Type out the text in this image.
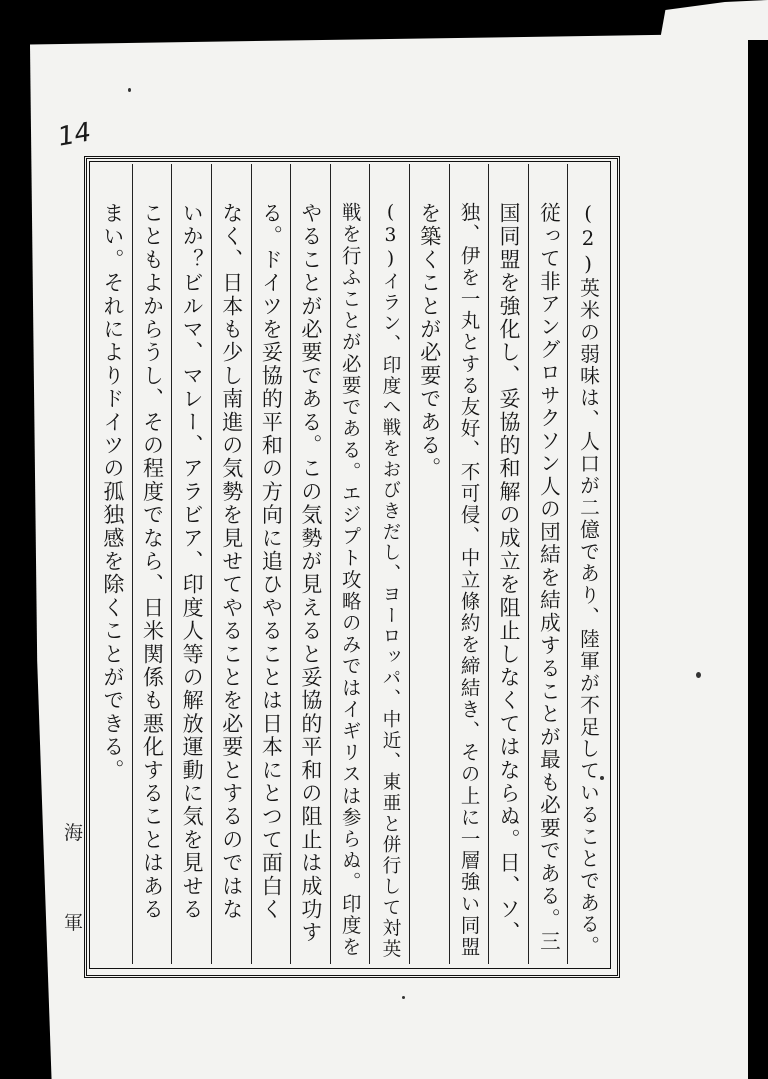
14
(2)英米の弱味は、人口が二億であり、陸軍が不足していることである。
従って非アングロサクソン人の団結を結成することが最も必要である。三
国同盟を強化し、妥協的和解の成立を阻止しなくてはならぬ。日、ソ、
独、伊を一丸とする友好、不可侵、中立條約を締結き、その上に一層強い同盟
を築くことが必要である。
(3)イラン、印度へ戦をおびきだし、ヨーロッパ、中近、東亜と併行して対英
戦を行ふことが必要である。エジプト攻略のみではイギリスは参らぬ。印度を
やることが必要である。この気勢が見えると妥協的平和の阻止は成功す
る。ドイツを妥協的平和の方向に追ひやることは日本にとつて面白く
なく、日本も少し南進の気勢を見せてやることを必要とするのではな
いか？ビルマ、マレー、アラビア、印度人等の解放運動に気を見せる
こともよからうし、その程度でなら、日米関係も悪化することはある
まい。それによりドイツの孤独感を除くことができる。
海
軍
